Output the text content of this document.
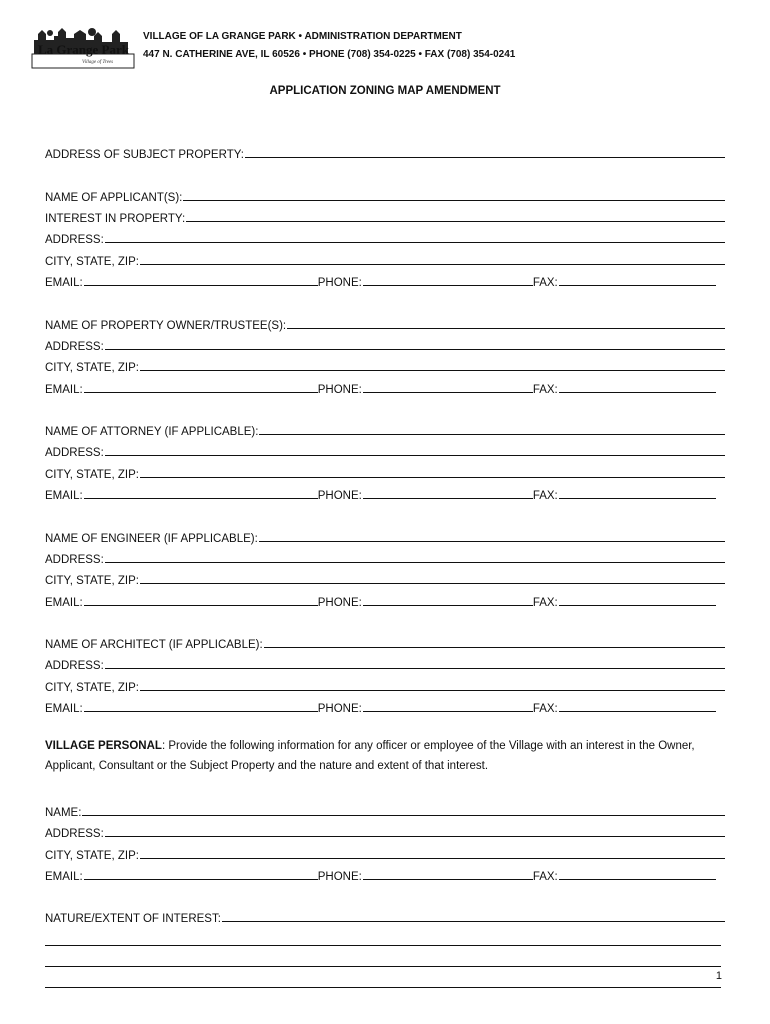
La Grange Park
Village of Trees
VILLAGE OF LA GRANGE PARK • ADMINISTRATION DEPARTMENT
447 N. CATHERINE AVE, IL 60526 • PHONE (708) 354-0225 • FAX (708) 354-0241
APPLICATION ZONING MAP AMENDMENT
ADDRESS OF SUBJECT PROPERTY:
NAME OF APPLICANT(S):
INTEREST IN PROPERTY:
ADDRESS:
CITY, STATE, ZIP:
EMAIL:	PHONE:	FAX:
NAME OF PROPERTY OWNER/TRUSTEE(S):
ADDRESS:
CITY, STATE, ZIP:
EMAIL:	PHONE:	FAX:
NAME OF ATTORNEY (IF APPLICABLE):
ADDRESS:
CITY, STATE, ZIP:
EMAIL:	PHONE:	FAX:
NAME OF ENGINEER (IF APPLICABLE):
ADDRESS:
CITY, STATE, ZIP:
EMAIL:	PHONE:	FAX:
NAME OF ARCHITECT (IF APPLICABLE):
ADDRESS:
CITY, STATE, ZIP:
EMAIL:	PHONE:	FAX:

VILLAGE PERSONAL: Provide the following information for any officer or employee of the Village with an interest in the Owner, Applicant, Consultant or the Subject Property and the nature and extent of that interest.

NAME:
ADDRESS:
CITY, STATE, ZIP:
EMAIL:	PHONE:	FAX:
NATURE/EXTENT OF INTEREST:
1
